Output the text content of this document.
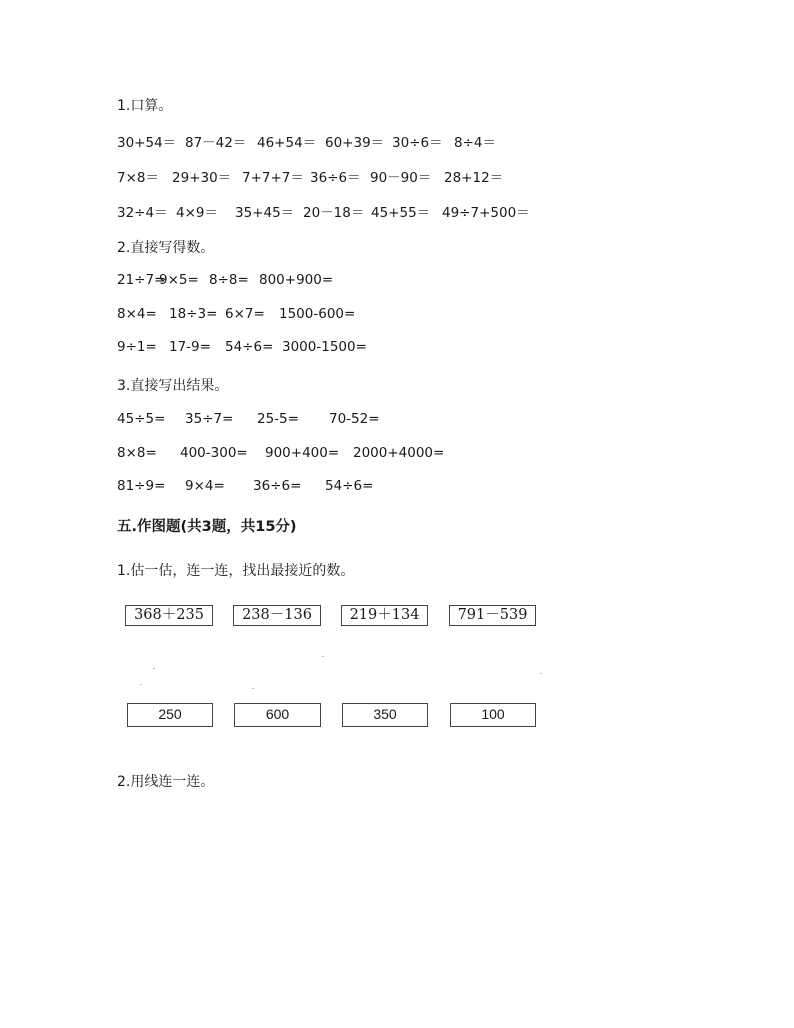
1.口算。
30+54＝ 87－42＝ 46+54＝ 60+39＝ 30÷6＝ 8÷4＝
7×8＝ 29+30＝ 7+7+7＝ 36÷6＝ 90－90＝ 28+12＝
32÷4＝ 4×9＝ 35+45＝ 20－18＝ 45+55＝ 49÷7+500＝
2.直接写得数。
21÷7=
9×5= 8÷8= 800+900=
8×4= 18÷3= 6×7= 1500-600=
9÷1= 17-9= 54÷6= 3000-1500=
3.直接写出结果。
45÷5= 35÷7= 25-5= 70-52=
8×8= 400-300= 900+400= 2000+4000=
81÷9= 9×4= 36÷6= 54÷6=
五.作图题(共3题，共15分)
1.估一估，连一连，找出最接近的数。
368＋235	238－136	219＋134	791－539
250	600	350	100
2.用线连一连。
